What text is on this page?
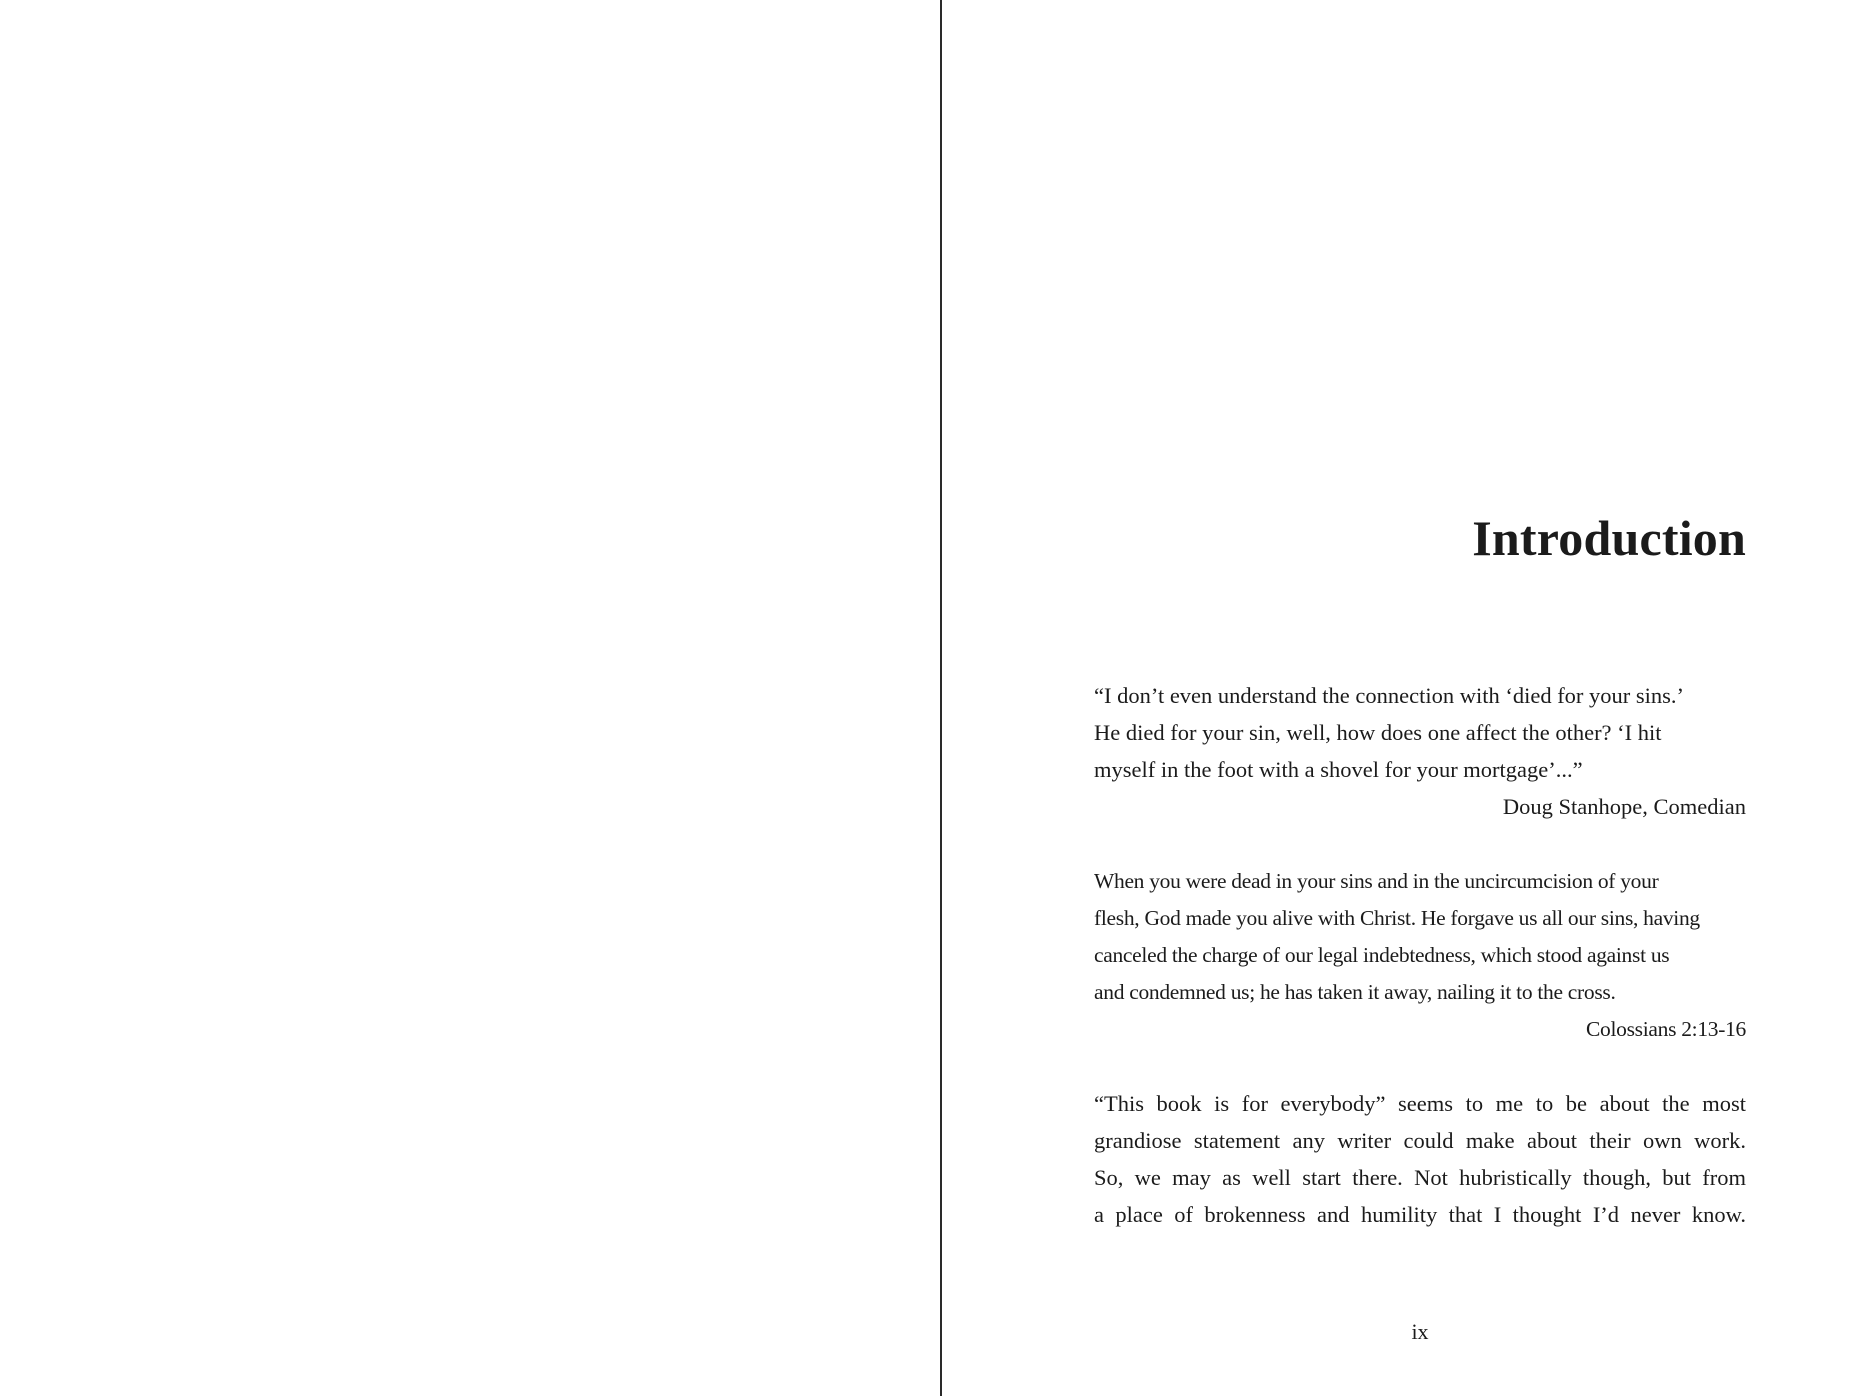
Introduction

“I don’t even understand the connection with ‘died for your sins.’
He died for your sin, well, how does one affect the other? ‘I hit
myself in the foot with a shovel for your mortgage’...”

Doug Stanhope, Comedian

When you were dead in your sins and in the uncircumcision of your
flesh, God made you alive with Christ. He forgave us all our sins, having
canceled the charge of our legal indebtedness, which stood against us
and condemned us; he has taken it away, nailing it to the cross.

Colossians 2:13-16

“This book is for everybody” seems to me to be about the most
grandiose statement any writer could make about their own work.
So, we may as well start there. Not hubristically though, but from
a place of brokenness and humility that I thought I’d never know.

ix
